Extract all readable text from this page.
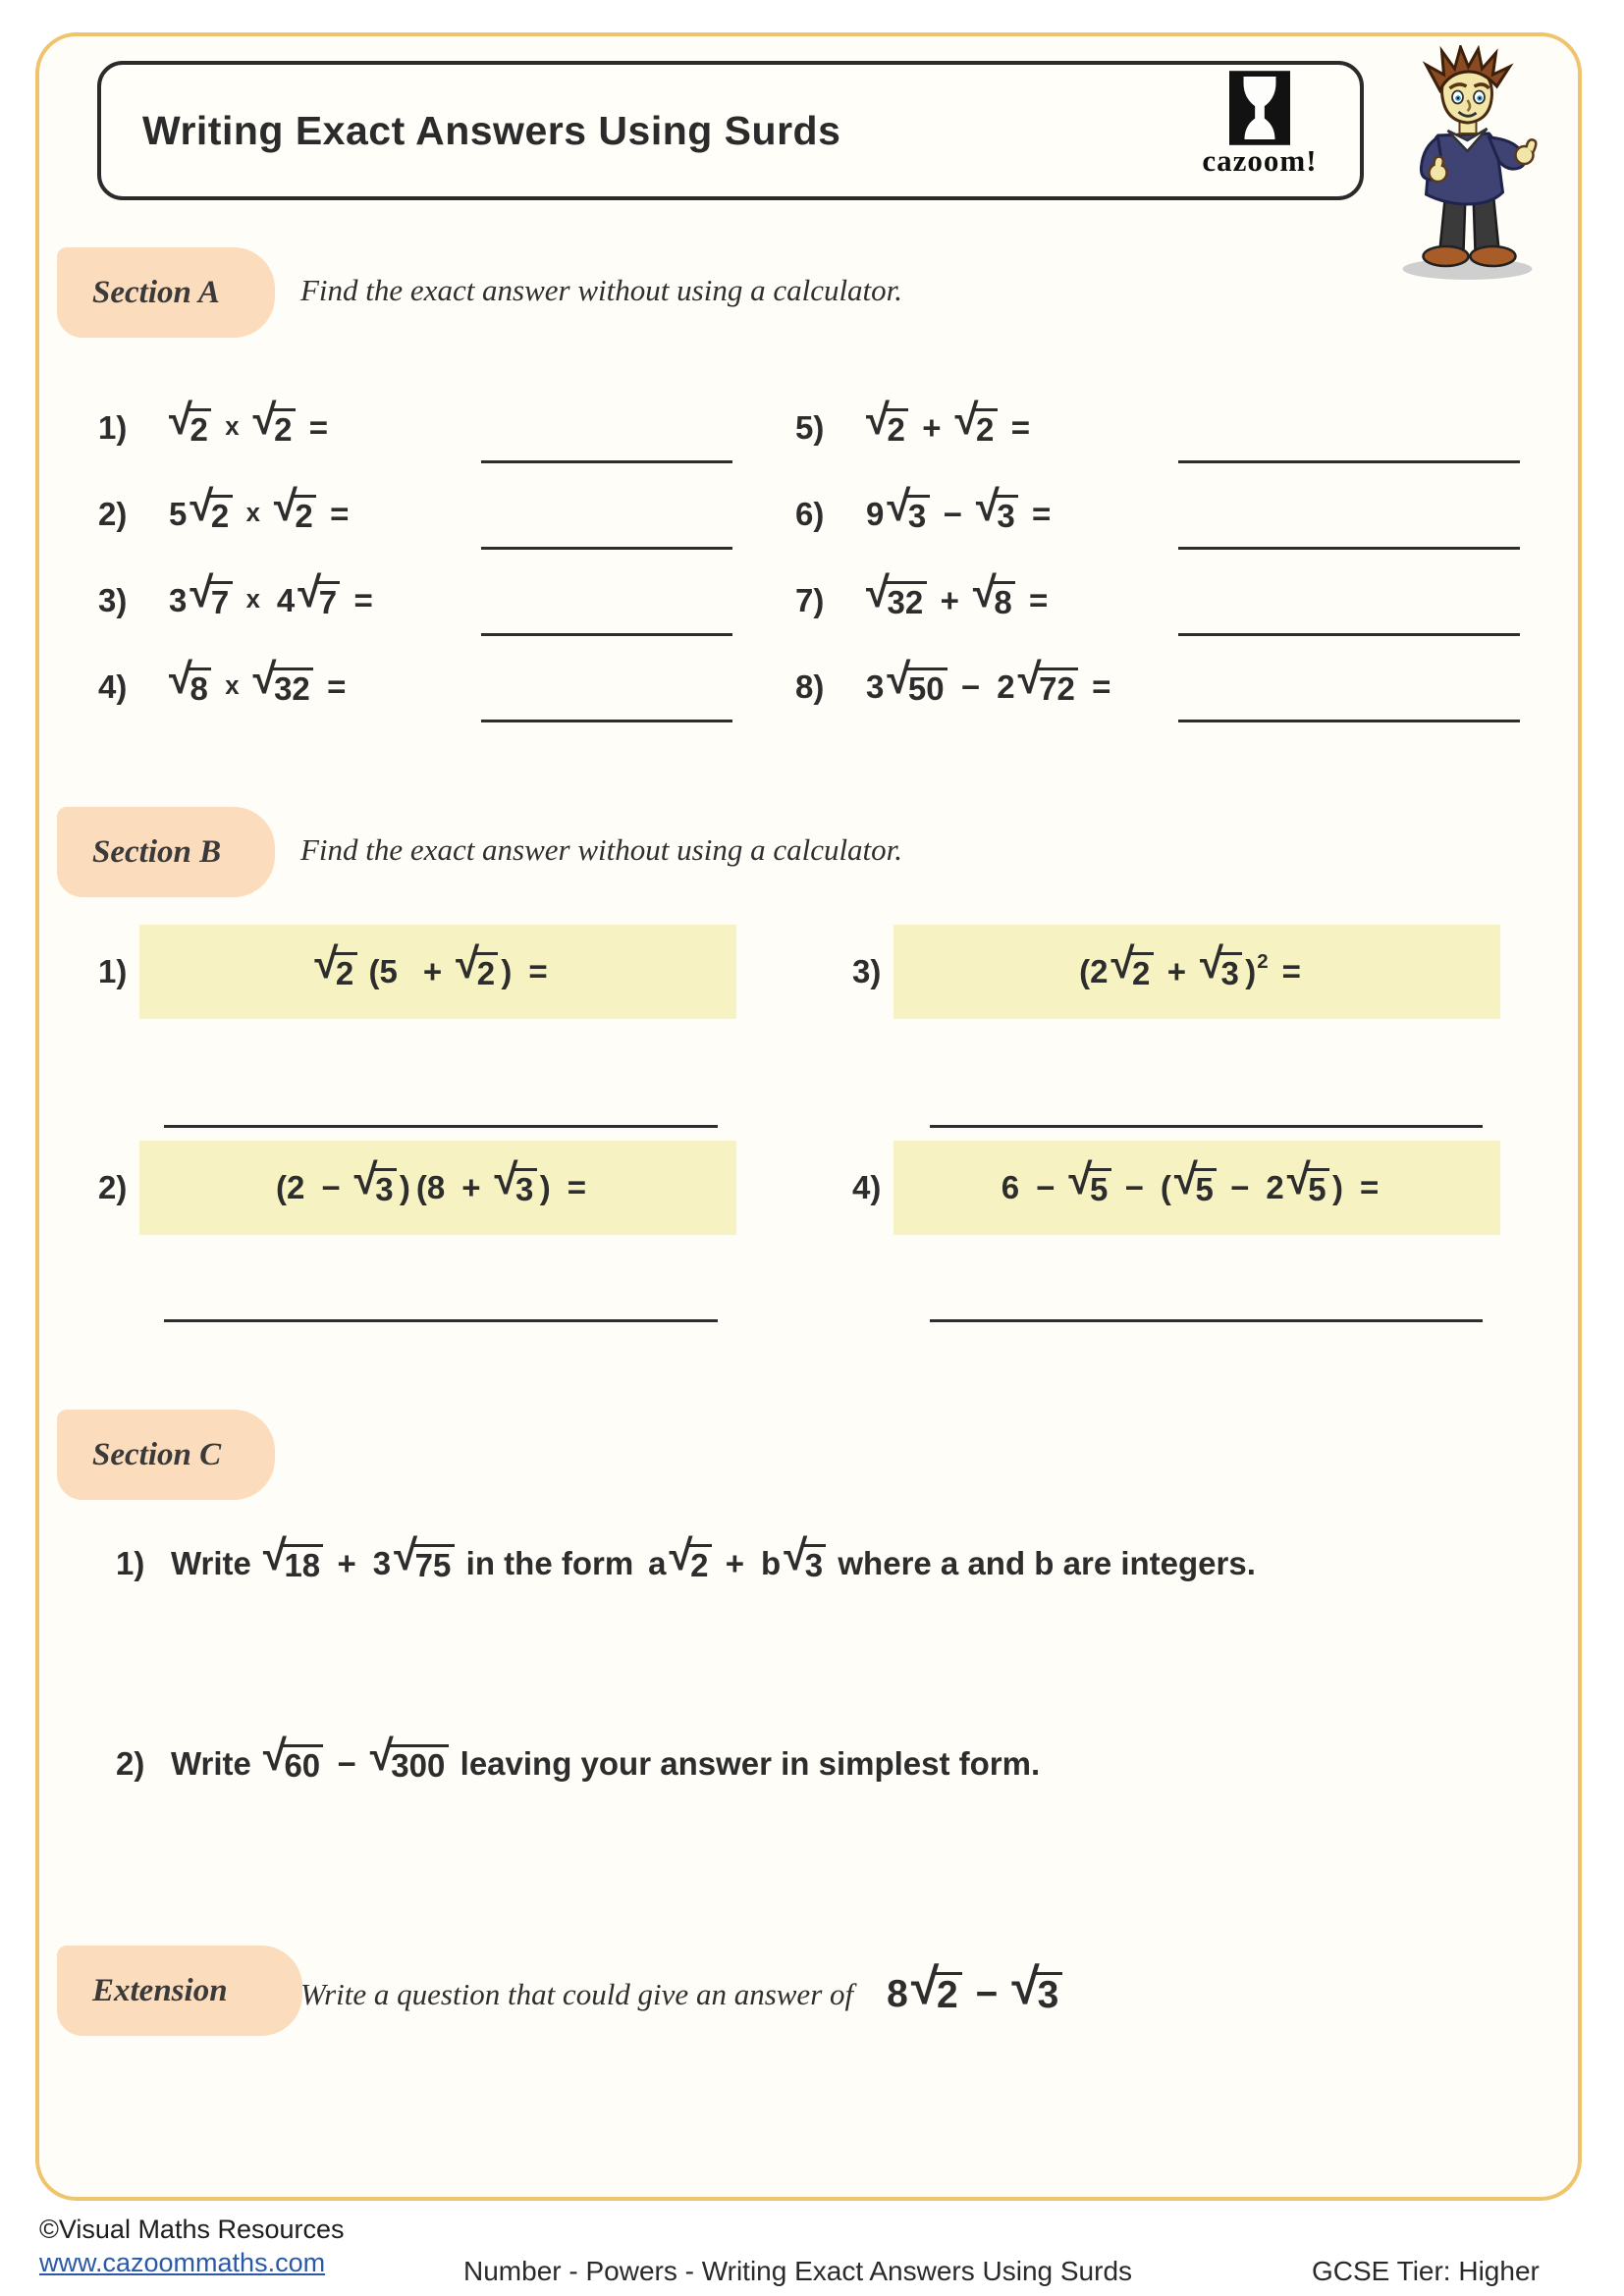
Writing Exact Answers Using Surds
cazoom!
Section A	Find the exact answer without using a calculator.
1) √
2 x √
2 =
2)	5 √
2 x √
2 =
3)	3 √
7 x 4 √
7 =
4) √
8 x √
32 =
5) √
2 + √
2 =
6)	9 √
3 − √
3 =
7) √
32 + √
8 =
8)	3 √
50 − 2 √
72 =
Section B	Find the exact answer without using a calculator.
1)	√
2 (5 + √
2 ) =	3)	(2 √
2 + √
3 ) 2 =
2)	(2 − √
3 ) (8 + √
3 ) =	4)	6 − √
5 − ( √
5 − 2 √
5 ) =
Section C
1) Write √
18 + 3 √
75 in the form a √
2 + b √
3 where a and b are integers.
2) Write √
60 − √
300 leaving your answer in simplest form.
Extension	Write a question that could give an answer of 8 √
2 − √
3
©Visual Maths Resources
www.cazoommaths.com	Number - Powers - Writing Exact Answers Using Surds	GCSE Tier: Higher
